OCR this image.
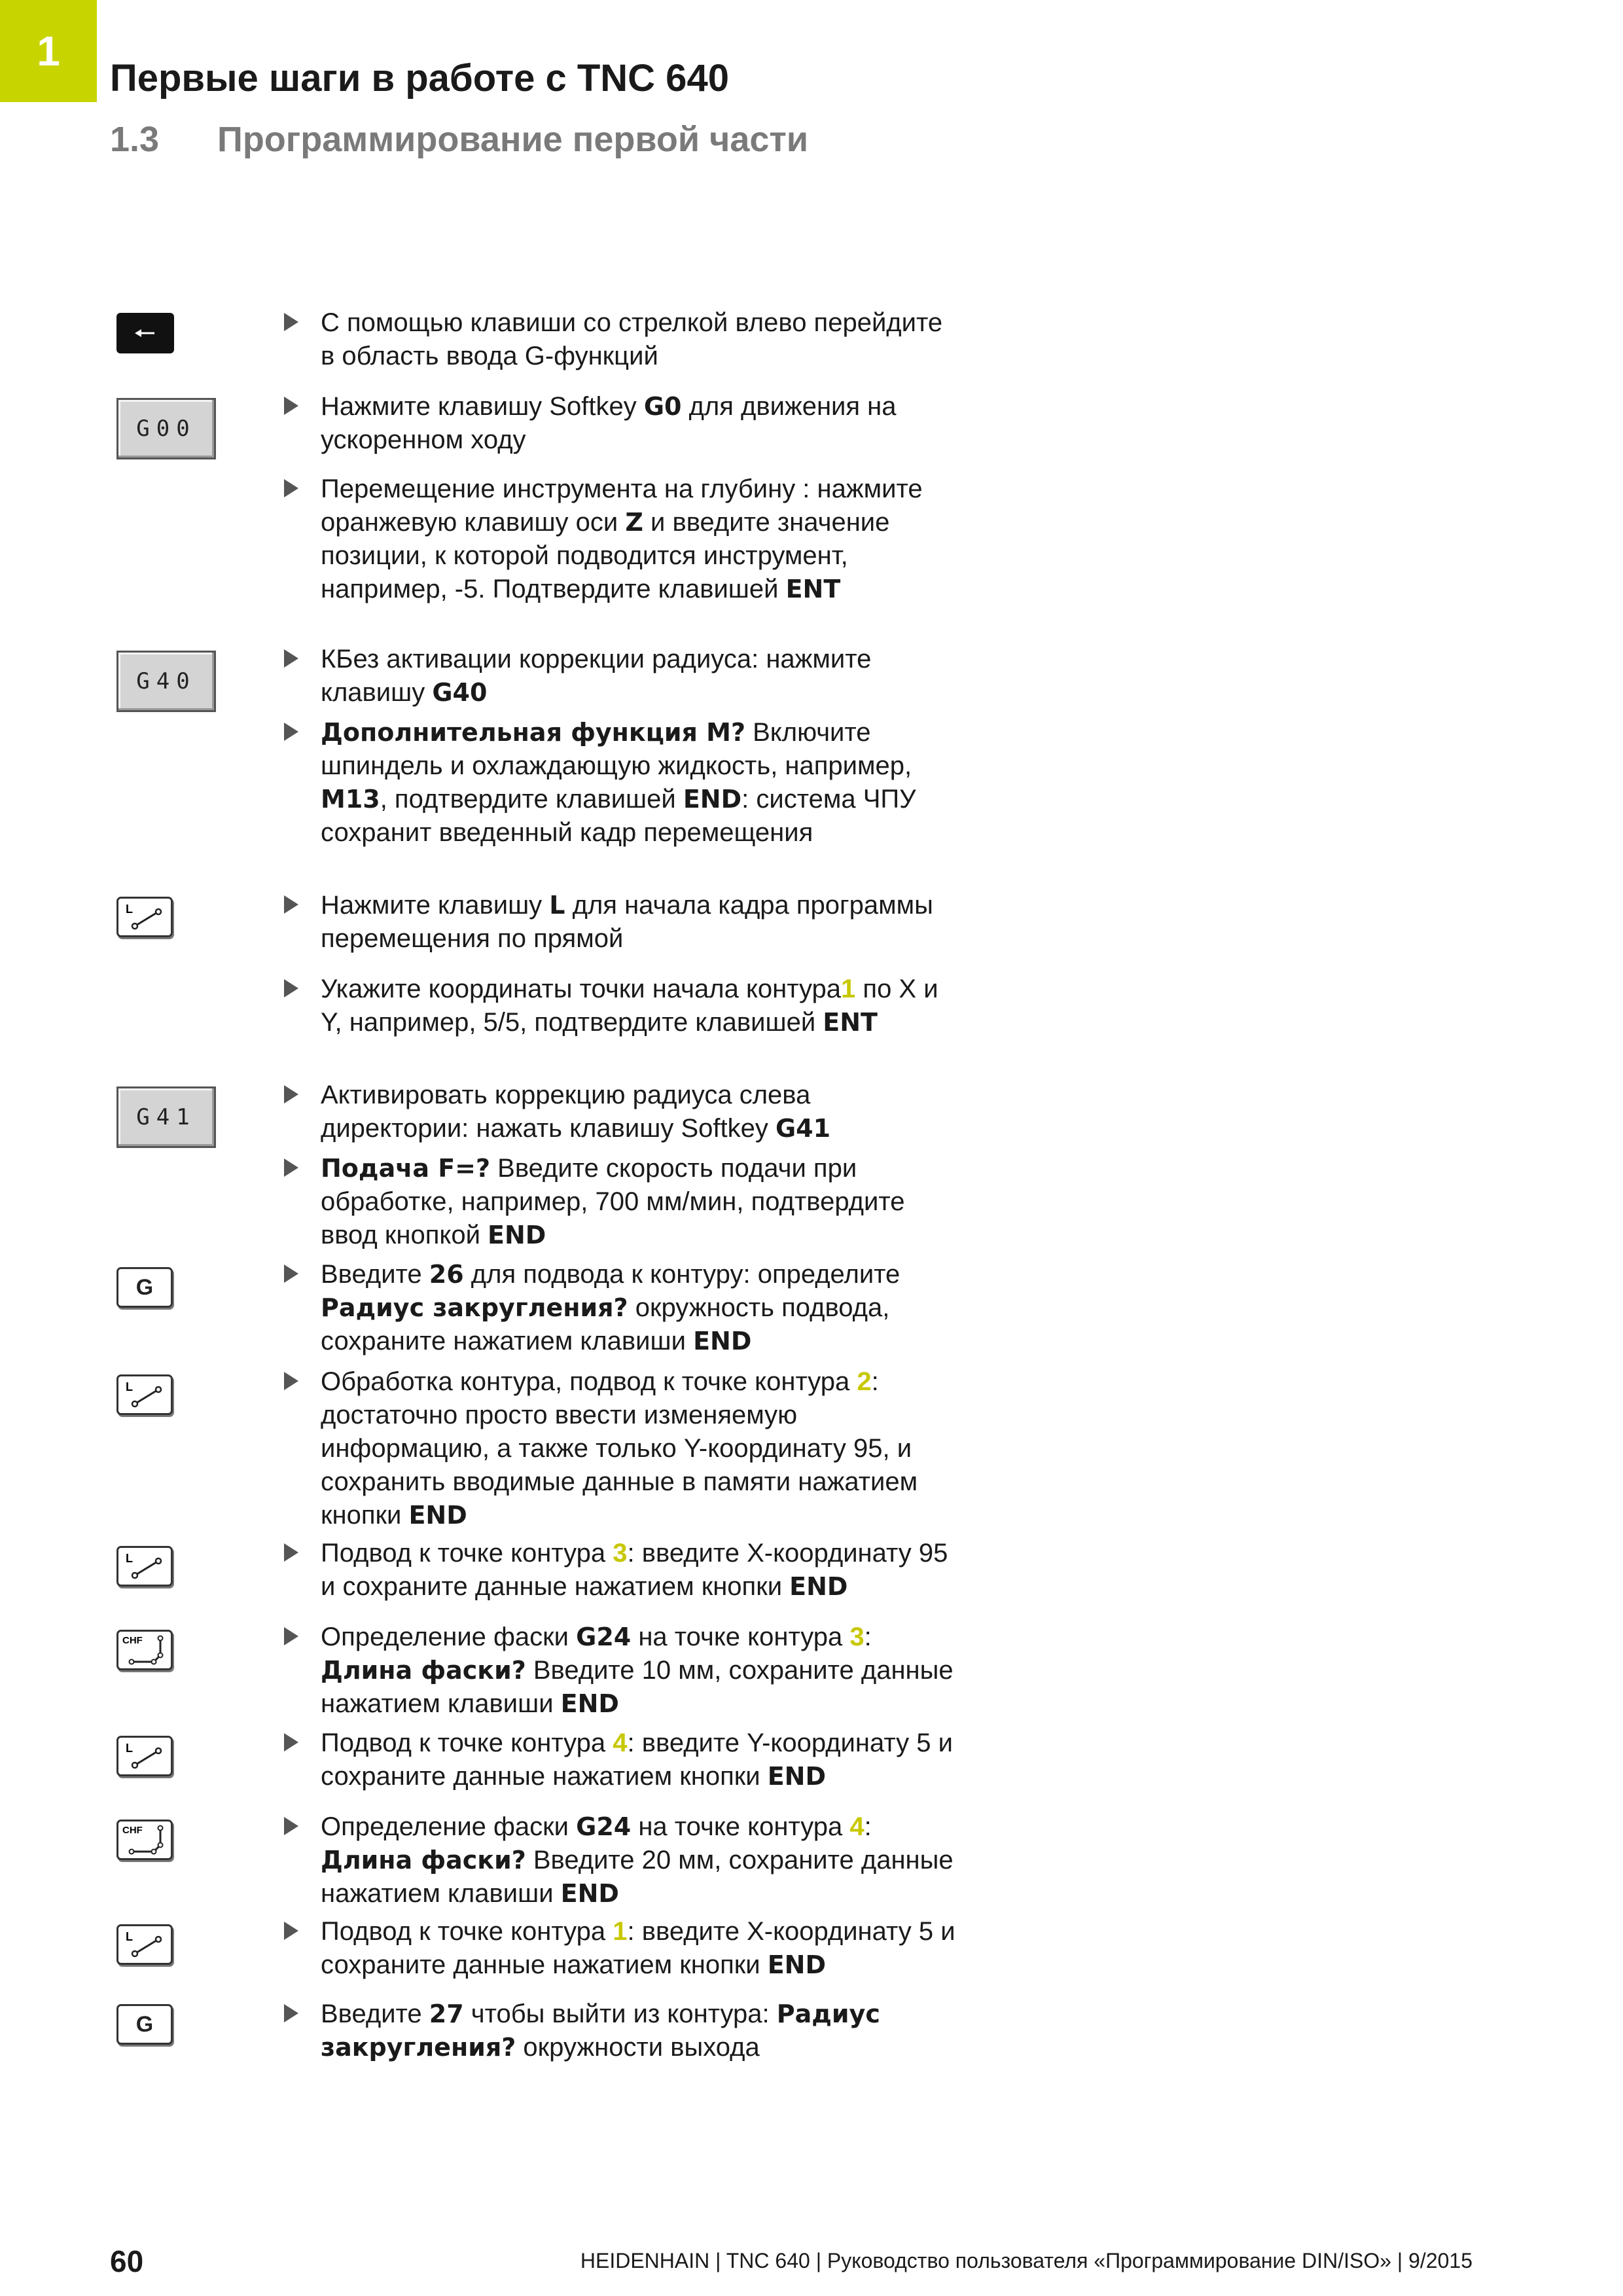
1
Первые шаги в работе с TNC 640
1.3 Программирование первой части
G00
G40
G41
G
G
L
L
L
L
L
CHF
CHF
С помощью клавиши со стрелкой влево перейдите в область ввода G-функций
Нажмите клавишу Softkey G0 для движения на ускоренном ходу
Перемещение инструмента на глубину : нажмите оранжевую клавишу оси Z и введите значение позиции, к которой подводится инструмент, например, -5. Подтвердите клавишей ENT
КБез активации коррекции радиуса: нажмите клавишу G40
Дополнительная функция M? Включите шпиндель и охлаждающую жидкость, например, M13, подтвердите клавишей END: система ЧПУ сохранит введенный кадр перемещения
Нажмите клавишу L для начала кадра программы перемещения по прямой
Укажите координаты точки начала контура1 по X и Y, например, 5/5, подтвердите клавишей ENT
Активировать коррекцию радиуса слева директории: нажать клавишу Softkey G41
Подача F=? Введите скорость подачи при обработке, например, 700 мм/мин, подтвердите ввод кнопкой END
Введите 26 для подвода к контуру: определите Радиус закругления? окружность подвода, сохраните нажатием клавиши END
Обработка контура, подвод к точке контура 2: достаточно просто ввести изменяемую информацию, а также только Y-координату 95, и сохранить вводимые данные в памяти нажатием кнопки END
Подвод к точке контура 3: введите X-координату 95 и сохраните данные нажатием кнопки END
Определение фаски G24 на точке контура 3: Длина фаски? Введите 10 мм, сохраните данные нажатием клавиши END
Подвод к точке контура 4: введите Y-координату 5 и сохраните данные нажатием кнопки END
Определение фаски G24 на точке контура 4: Длина фаски? Введите 20 мм, сохраните данные нажатием клавиши END
Подвод к точке контура 1: введите X-координату 5 и сохраните данные нажатием кнопки END
Введите 27 чтобы выйти из контура: Радиус закругления? окружности выхода
60	HEIDENHAIN | TNC 640 | Руководство пользователя «Программирование DIN/ISO» | 9/2015
